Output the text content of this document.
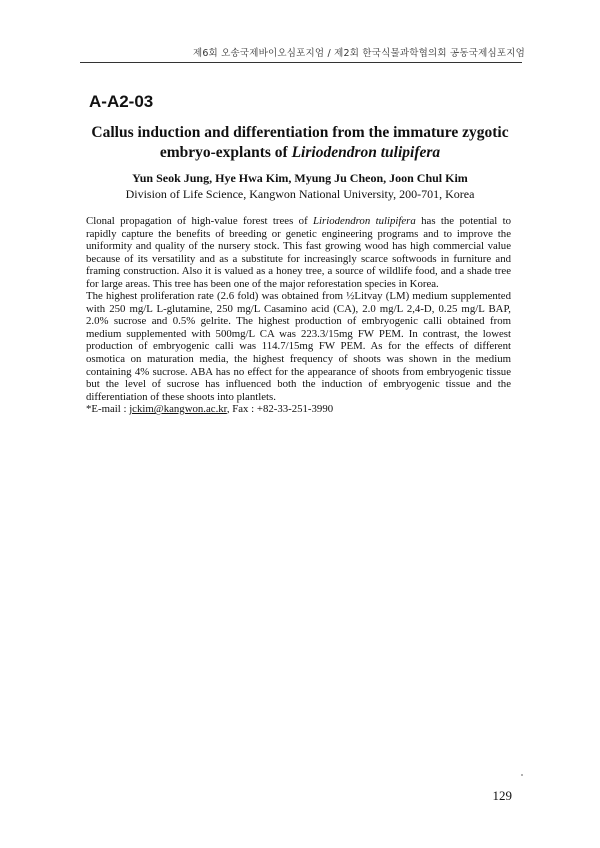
제6회 오송국제바이오심포지엄 / 제2회 한국식물과학협의회 공동국제심포지엄
A-A2-03
Callus induction and differentiation from the immature zygotic
embryo-explants of Liriodendron tulipifera
Yun Seok Jung, Hye Hwa Kim, Myung Ju Cheon, Joon Chul Kim
Division of Life Science, Kangwon National University, 200-701, Korea

Clonal propagation of high-value forest trees of Liriodendron tulipifera has the potential to rapidly capture the benefits of breeding or genetic engineering programs and to improve the uniformity and quality of the nursery stock. This fast growing wood has high commercial value because of its versatility and as a substitute for increasingly scarce softwoods in furniture and framing construction. Also it is valued as a honey tree, a source of wildlife food, and a shade tree for large areas. This tree has been one of the major reforestation species in Korea.

The highest proliferation rate (2.6 fold) was obtained from ½Litvay (LM) medium supplemented with 250 mg/L L-glutamine, 250 mg/L Casamino acid (CA), 2.0 mg/L 2,4-D, 0.25 mg/L BAP, 2.0% sucrose and 0.5% gelrite. The highest production of embryogenic calli obtained from medium supplemented with 500mg/L CA was 223.3/15mg FW PEM. In contrast, the lowest production of embryogenic calli was 114.7/15mg FW PEM. As for the effects of different osmotica on maturation media, the highest frequency of shoots was shown in the medium containing 4% sucrose. ABA has no effect for the appearance of shoots from embryogenic tissue but the level of sucrose has influenced both the induction of embryogenic tissue and the differentiation of these shoots into plantlets.

*E-mail : jckim@kangwon.ac.kr, Fax : +82-33-251-3990

129
